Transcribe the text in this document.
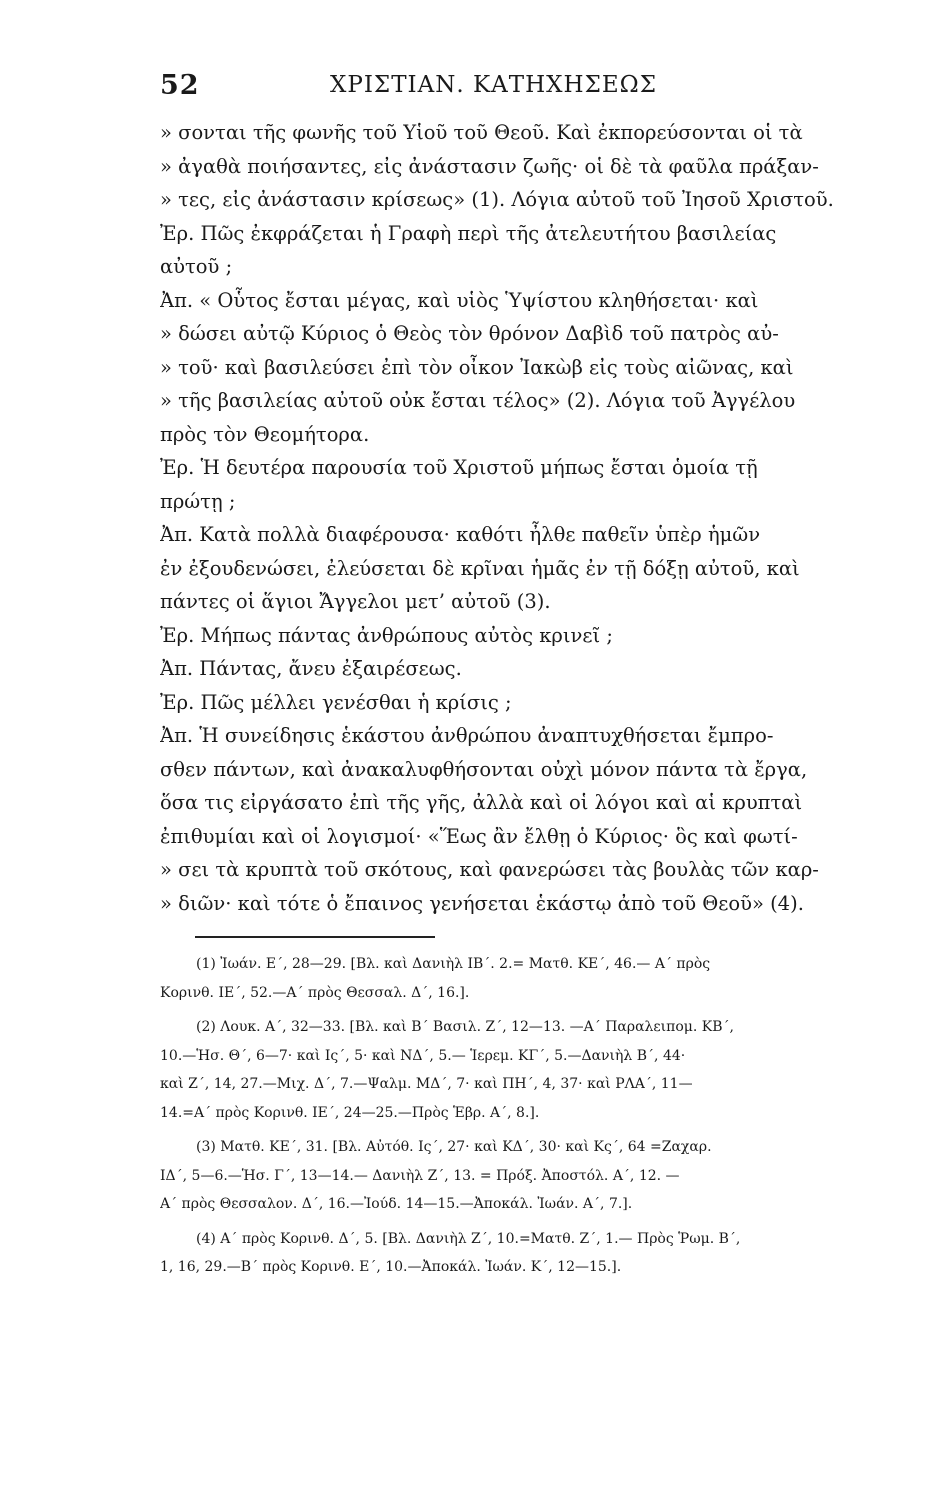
52	ΧΡΙΣΤΙΑΝ. ΚΑΤΗΧΗΣΕΩΣ
» σονται τῆς φωνῆς τοῦ Υἱοῦ τοῦ Θεοῦ. Καὶ ἐκπορεύσονται οἱ τὰ
» ἀγαθὰ ποιήσαντες, εἰς ἀνάστασιν ζωῆς· οἱ δὲ τὰ φαῦλα πράξαν-
» τες, εἰς ἀνάστασιν κρίσεως» (1). Λόγια αὐτοῦ τοῦ Ἰησοῦ Χριστοῦ.
Ἐρ. Πῶς ἐκφράζεται ἡ Γραφὴ περὶ τῆς ἀτελευτήτου βασιλείας
αὐτοῦ ;
Ἀπ. « Οὗτος ἔσται μέγας, καὶ υἱὸς Ὑψίστου κληθήσεται· καὶ
» δώσει αὐτῷ Κύριος ὁ Θεὸς τὸν θρόνον Δαβὶδ τοῦ πατρὸς αὐ-
» τοῦ· καὶ βασιλεύσει ἐπὶ τὸν οἶκον Ἰακὼβ εἰς τοὺς αἰῶνας, καὶ
» τῆς βασιλείας αὐτοῦ οὐκ ἔσται τέλος» (2). Λόγια τοῦ Ἀγγέλου
πρὸς τὸν Θεομήτορα.
Ἐρ. Ἡ δευτέρα παρουσία τοῦ Χριστοῦ μήπως ἔσται ὁμοία τῇ
πρώτῃ ;
Ἀπ. Κατὰ πολλὰ διαφέρουσα· καθότι ἦλθε παθεῖν ὑπὲρ ἡμῶν
ἐν ἐξουδενώσει, ἐλεύσεται δὲ κρῖναι ἡμᾶς ἐν τῇ δόξῃ αὐτοῦ, καὶ
πάντες οἱ ἅγιοι Ἄγγελοι μετ’ αὐτοῦ (3).
Ἐρ. Μήπως πάντας ἀνθρώπους αὐτὸς κρινεῖ ;
Ἀπ. Πάντας, ἄνευ ἐξαιρέσεως.
Ἐρ. Πῶς μέλλει γενέσθαι ἡ κρίσις ;
Ἀπ. Ἡ συνείδησις ἑκάστου ἀνθρώπου ἀναπτυχθήσεται ἔμπρο-
σθεν πάντων, καὶ ἀνακαλυφθήσονται οὐχὶ μόνον πάντα τὰ ἔργα,
ὅσα τις εἰργάσατο ἐπὶ τῆς γῆς, ἀλλὰ καὶ οἱ λόγοι καὶ αἱ κρυπταὶ
ἐπιθυμίαι καὶ οἱ λογισμοί· «Ἕως ἂν ἔλθῃ ὁ Κύριος· ὃς καὶ φωτί-
» σει τὰ κρυπτὰ τοῦ σκότους, καὶ φανερώσει τὰς βουλὰς τῶν καρ-
» διῶν· καὶ τότε ὁ ἔπαινος γενήσεται ἑκάστῳ ἀπὸ τοῦ Θεοῦ» (4).
(1) Ἰωάν. Ε΄, 28—29. [Βλ. καὶ Δανιὴλ ΙΒ΄. 2.= Ματθ. ΚΕ΄, 46.— Α΄ πρὸς
Κορινθ. ΙΕ΄, 52.—Α΄ πρὸς Θεσσαλ. Δ΄, 16.].
(2) Λουκ. Α΄, 32—33. [Βλ. καὶ Β΄ Βασιλ. Ζ΄, 12—13. —Α΄ Παραλειπομ. ΚΒ΄,
10.—Ἡσ. Θ΄, 6—7· καὶ Ις΄, 5· καὶ ΝΔ΄, 5.— Ἱερεμ. ΚΓ΄, 5.—Δανιὴλ Β΄, 44·
καὶ Ζ΄, 14, 27.—Μιχ. Δ΄, 7.—Ψαλμ. ΜΔ΄, 7· καὶ ΠΗ΄, 4, 37· καὶ ΡΛΑ΄, 11—
14.=Α΄ πρὸς Κορινθ. ΙΕ΄, 24—25.—Πρὸς Ἑβρ. Α΄, 8.].
(3) Ματθ. ΚΕ΄, 31. [Βλ. Αὐτόθ. Ις΄, 27· καὶ ΚΔ΄, 30· καὶ Κς΄, 64 =Ζαχαρ.
ΙΔ΄, 5—6.—Ἡσ. Γ΄, 13—14.— Δανιὴλ Ζ΄, 13. = Πρόξ. Ἀποστόλ. Α΄, 12. —
Α΄ πρὸς Θεσσαλον. Δ΄, 16.—Ἰούδ. 14—15.—Ἀποκάλ. Ἰωάν. Α΄, 7.].
(4) Α΄ πρὸς Κορινθ. Δ΄, 5. [Βλ. Δανιὴλ Ζ΄, 10.=Ματθ. Ζ΄, 1.— Πρὸς Ῥωμ. Β΄,
1, 16, 29.—Β΄ πρὸς Κορινθ. Ε΄, 10.—Ἀποκάλ. Ἰωάν. Κ΄, 12—15.].
